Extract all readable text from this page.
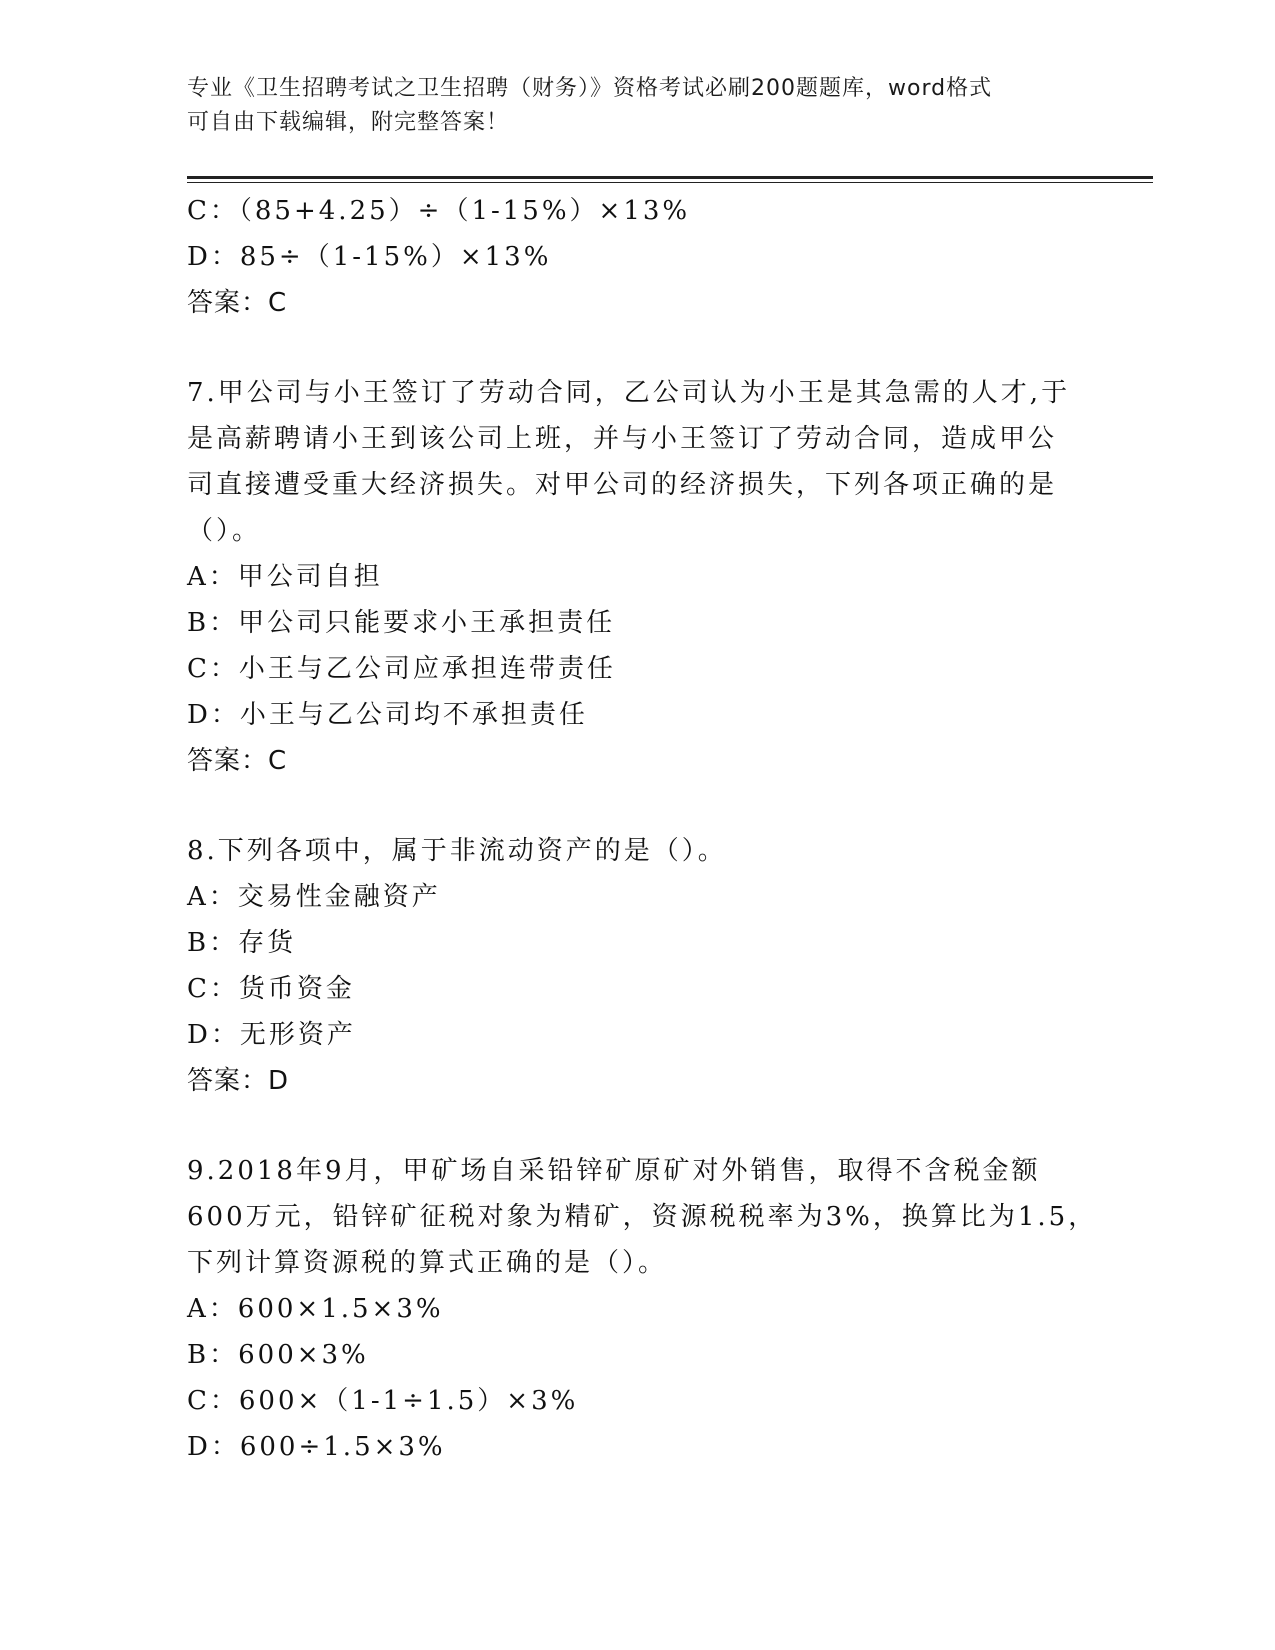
专业《卫生招聘考试之卫生招聘（财务）》资格考试必刷200题题库，word格式
可自由下载编辑，附完整答案！
C：（85+4.25）÷（1-15%）×13%
D：85÷（1-15%）×13%
答案：C
7.甲公司与小王签订了劳动合同，乙公司认为小王是其急需的人才,于
是高薪聘请小王到该公司上班，并与小王签订了劳动合同，造成甲公
司直接遭受重大经济损失。对甲公司的经济损失，下列各项正确的是
（）。
A：甲公司自担
B：甲公司只能要求小王承担责任
C：小王与乙公司应承担连带责任
D：小王与乙公司均不承担责任
答案：C
8.下列各项中，属于非流动资产的是（）。
A：交易性金融资产
B：存货
C：货币资金
D：无形资产
答案：D
9.2018年9月，甲矿场自采铅锌矿原矿对外销售，取得不含税金额
600万元，铅锌矿征税对象为精矿，资源税税率为3%，换算比为1.5，
下列计算资源税的算式正确的是（）。
A：600×1.5×3%
B：600×3%
C：600×（1-1÷1.5）×3%
D：600÷1.5×3%
